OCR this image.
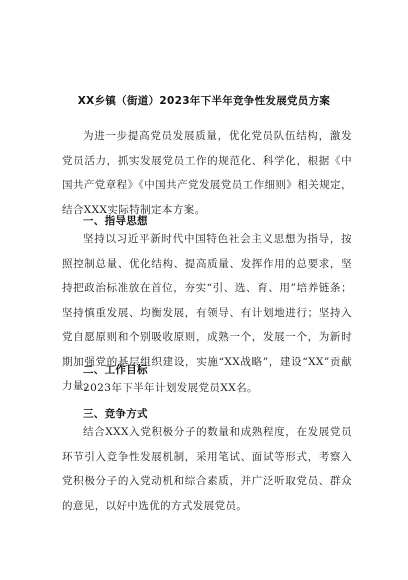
XX乡镇（街道）2023年下半年竞争性发展党员方案

为进一步提高党员发展质量，优化党员队伍结构，激发党员活力，抓实发展党员工作的规范化、科学化，根据《中国共产党章程》《中国共产党发展党员工作细则》相关规定，结合XXX实际特制定本方案。

一、指导思想

坚持以习近平新时代中国特色社会主义思想为指导，按照控制总量、优化结构、提高质量、发挥作用的总要求，坚持把政治标准放在首位，夯实“引、选、育、用”培养链条；坚持慎重发展、均衡发展，有领导、有计划地进行；坚持入党自愿原则和个别吸收原则，成熟一个，发展一个，为新时期加强党的基层组织建设，实施“XX战略”，建设“XX”贡献力量。

二、工作目标

2023年下半年计划发展党员XX名。

三、竞争方式

结合XXX入党积极分子的数量和成熟程度，在发展党员环节引入竞争性发展机制，采用笔试、面试等形式，考察入党积极分子的入党动机和综合素质，并广泛听取党员、群众的意见，以好中选优的方式发展党员。
